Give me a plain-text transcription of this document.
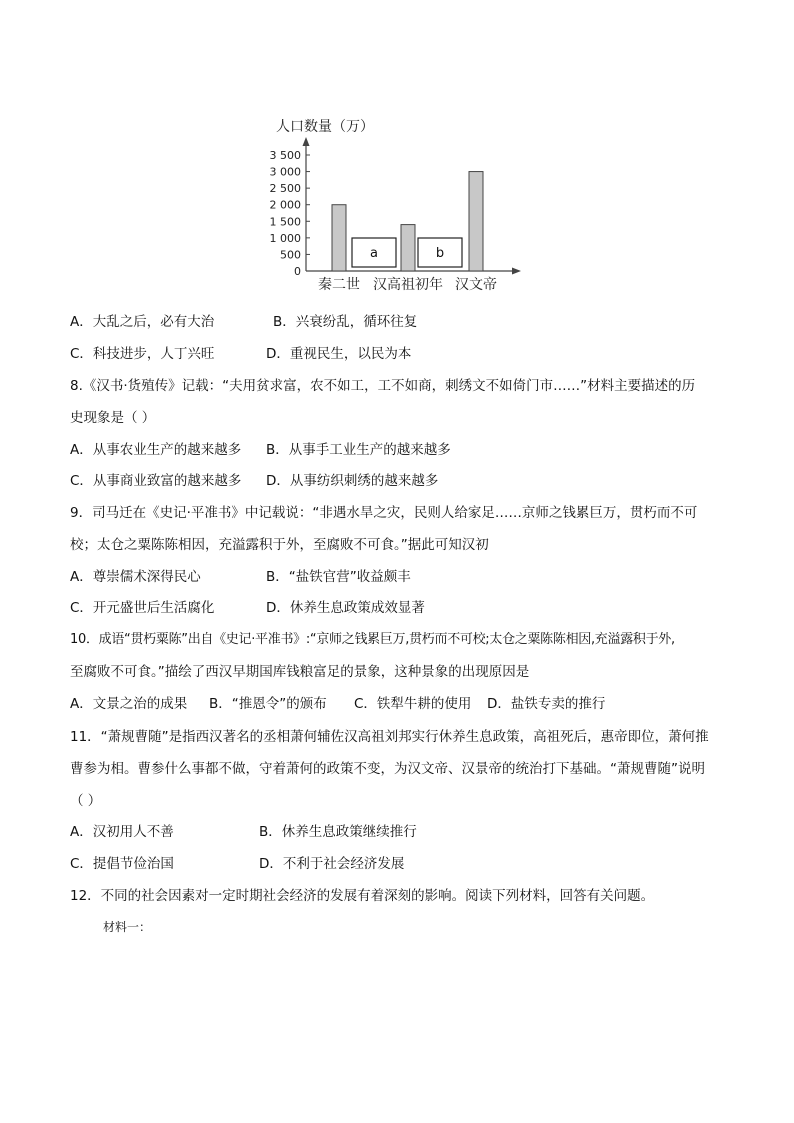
人口数量（万）
3 500
3 000
2 500
2 000
1 500
1 000
500
0
秦二世 汉高祖初年 汉文帝
a	b
A．大乱之后，必有大治	B．兴衰纷乱，循环往复
C．科技进步，人丁兴旺	D．重视民生，以民为本
8.《汉书·货殖传》记载：“夫用贫求富，农不如工，工不如商，刺绣文不如倚门市……”材料主要描述的历
史现象是（ ）
A．从事农业生产的越来越多 B．从事手工业生产的越来越多
C．从事商业致富的越来越多 D．从事纺织刺绣的越来越多
9．司马迁在《史记·平准书》中记载说：“非遇水旱之灾，民则人给家足……京师之钱累巨万，贯朽而不可
校；太仓之粟陈陈相因，充溢露积于外，至腐败不可食。”据此可知汉初
A．尊崇儒术深得民心	B．“盐铁官营”收益颇丰
C．开元盛世后生活腐化	D．休养生息政策成效显著
10．成语“贯朽粟陈”出自《史记·平准书》:“京师之钱累巨万,贯朽而不可校;太仓之粟陈陈相因,充溢露积于外,
至腐败不可食。”描绘了西汉早期国库钱粮富足的景象，这种景象的出现原因是
A．文景之治的成果 B．“推恩令”的颁布 C．铁犁牛耕的使用 D．盐铁专卖的推行
11．“萧规曹随”是指西汉著名的丞相萧何辅佐汉高祖刘邦实行休养生息政策，高祖死后，惠帝即位，萧何推
曹参为相。曹参什么事都不做，守着萧何的政策不变，为汉文帝、汉景帝的统治打下基础。“萧规曹随”说明
（ ）
A．汉初用人不善	B．休养生息政策继续推行
C．提倡节俭治国	D．不利于社会经济发展
12．不同的社会因素对一定时期社会经济的发展有着深刻的影响。阅读下列材料，回答有关问题。
材料一：
